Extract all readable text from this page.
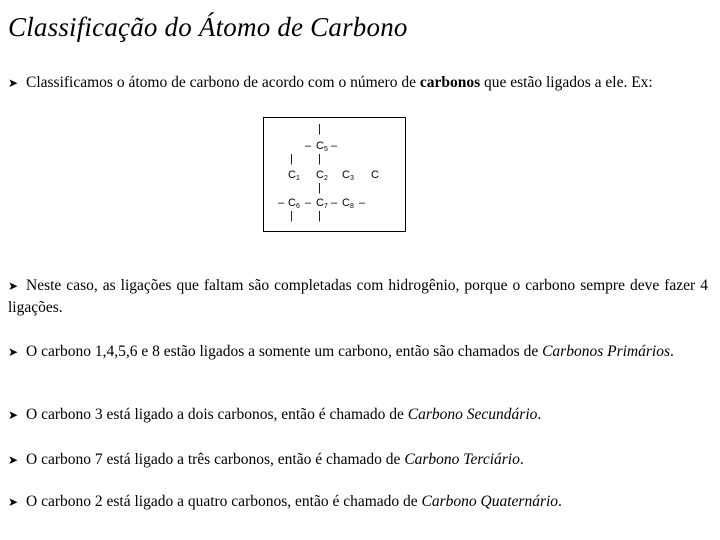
Classificação do Átomo de Carbono
➤ Classificamos o átomo de carbono de acordo com o número de carbonos que estão ligados a ele. Ex:
|
– C 5 –
| |
C 1 C 2 C 3 C
|
– C 6 – C 7 – C 8 –
| |
➤ Neste caso, as ligações que faltam são completadas com hidrogênio, porque o carbono sempre deve fazer 4 ligações.
➤ O carbono 1,4,5,6 e 8 estão ligados a somente um carbono, então são chamados de Carbonos Primários.
➤ O carbono 3 está ligado a dois carbonos, então é chamado de Carbono Secundário.
➤ O carbono 7 está ligado a três carbonos, então é chamado de Carbono Terciário.
➤ O carbono 2 está ligado a quatro carbonos, então é chamado de Carbono Quaternário.
